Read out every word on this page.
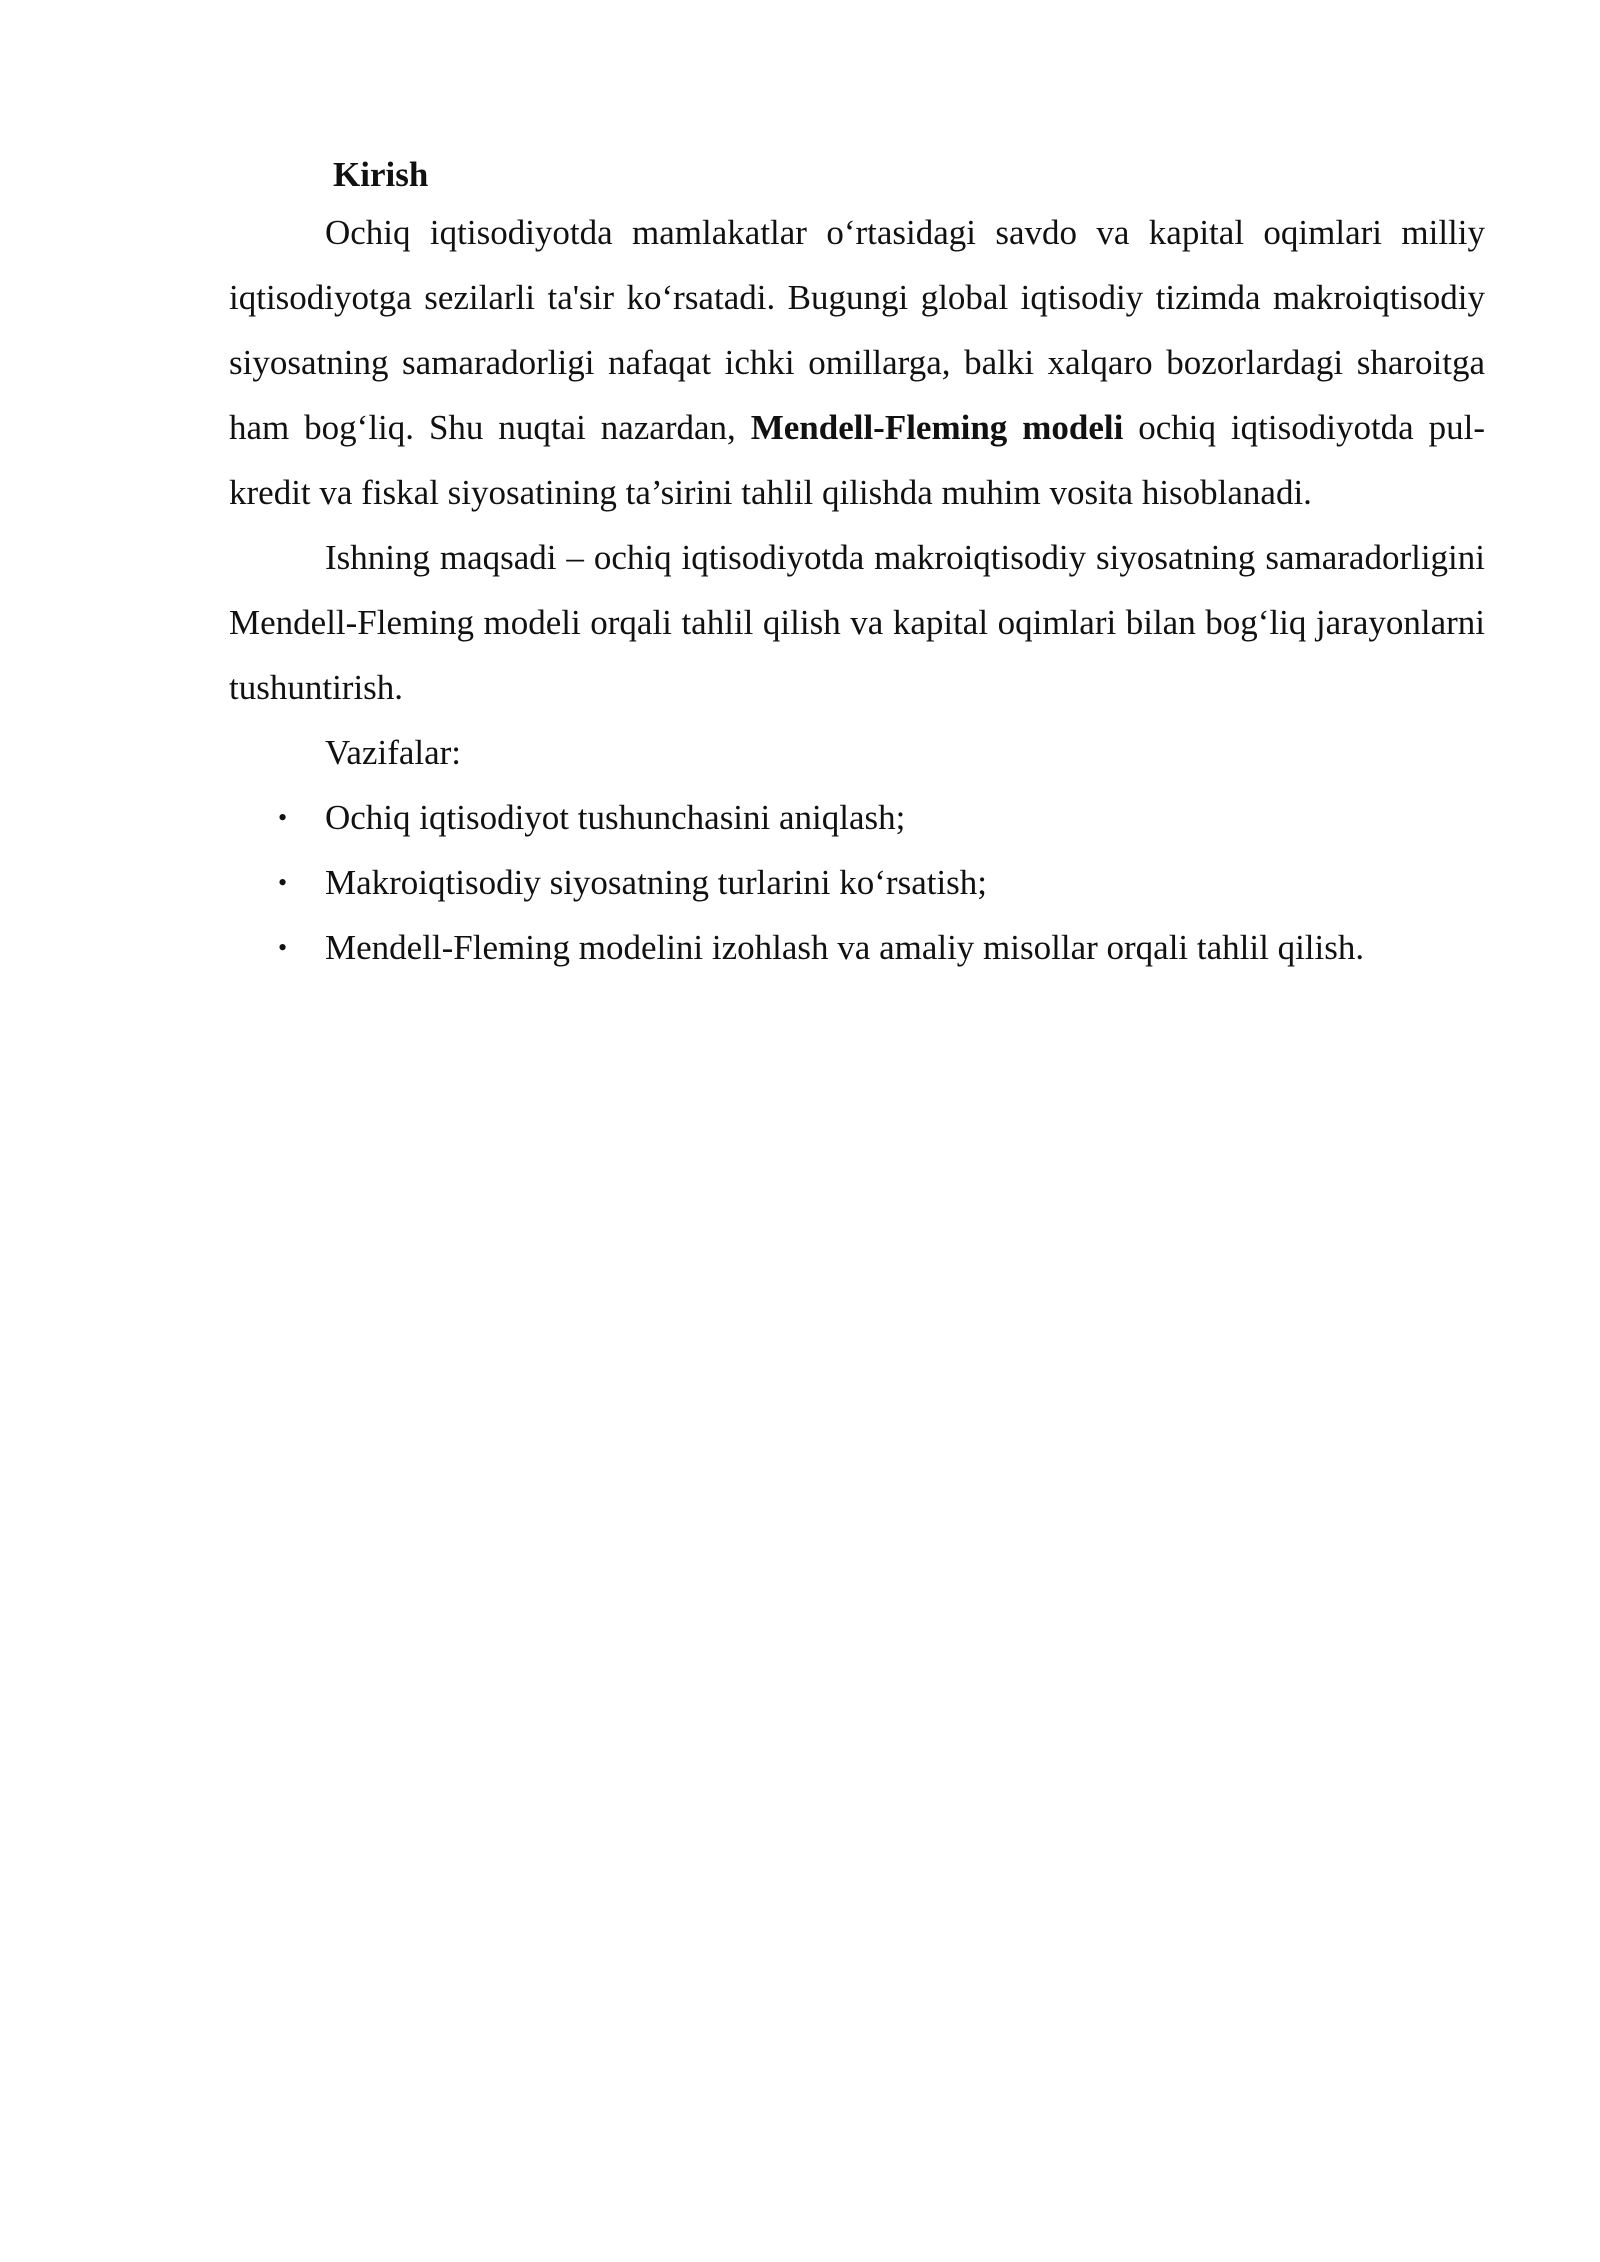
Kirish

Ochiq iqtisodiyotda mamlakatlar o‘rtasidagi savdo va kapital oqimlari milliy iqtisodiyotga sezilarli ta'sir ko‘rsatadi. Bugungi global iqtisodiy tizimda makroiqtisodiy siyosatning samaradorligi nafaqat ichki omillarga, balki xalqaro bozorlardagi sharoitga ham bog‘liq. Shu nuqtai nazardan, Mendell-Fleming modeli ochiq iqtisodiyotda pul-kredit va fiskal siyosatining ta’sirini tahlil qilishda muhim vosita hisoblanadi.

Ishning maqsadi – ochiq iqtisodiyotda makroiqtisodiy siyosatning samaradorligini Mendell-Fleming modeli orqali tahlil qilish va kapital oqimlari bilan bog‘liq jarayonlarni tushuntirish.

Vazifalar:

• Ochiq iqtisodiyot tushunchasini aniqlash;
• Makroiqtisodiy siyosatning turlarini ko‘rsatish;
• Mendell-Fleming modelini izohlash va amaliy misollar orqali tahlil qilish.
